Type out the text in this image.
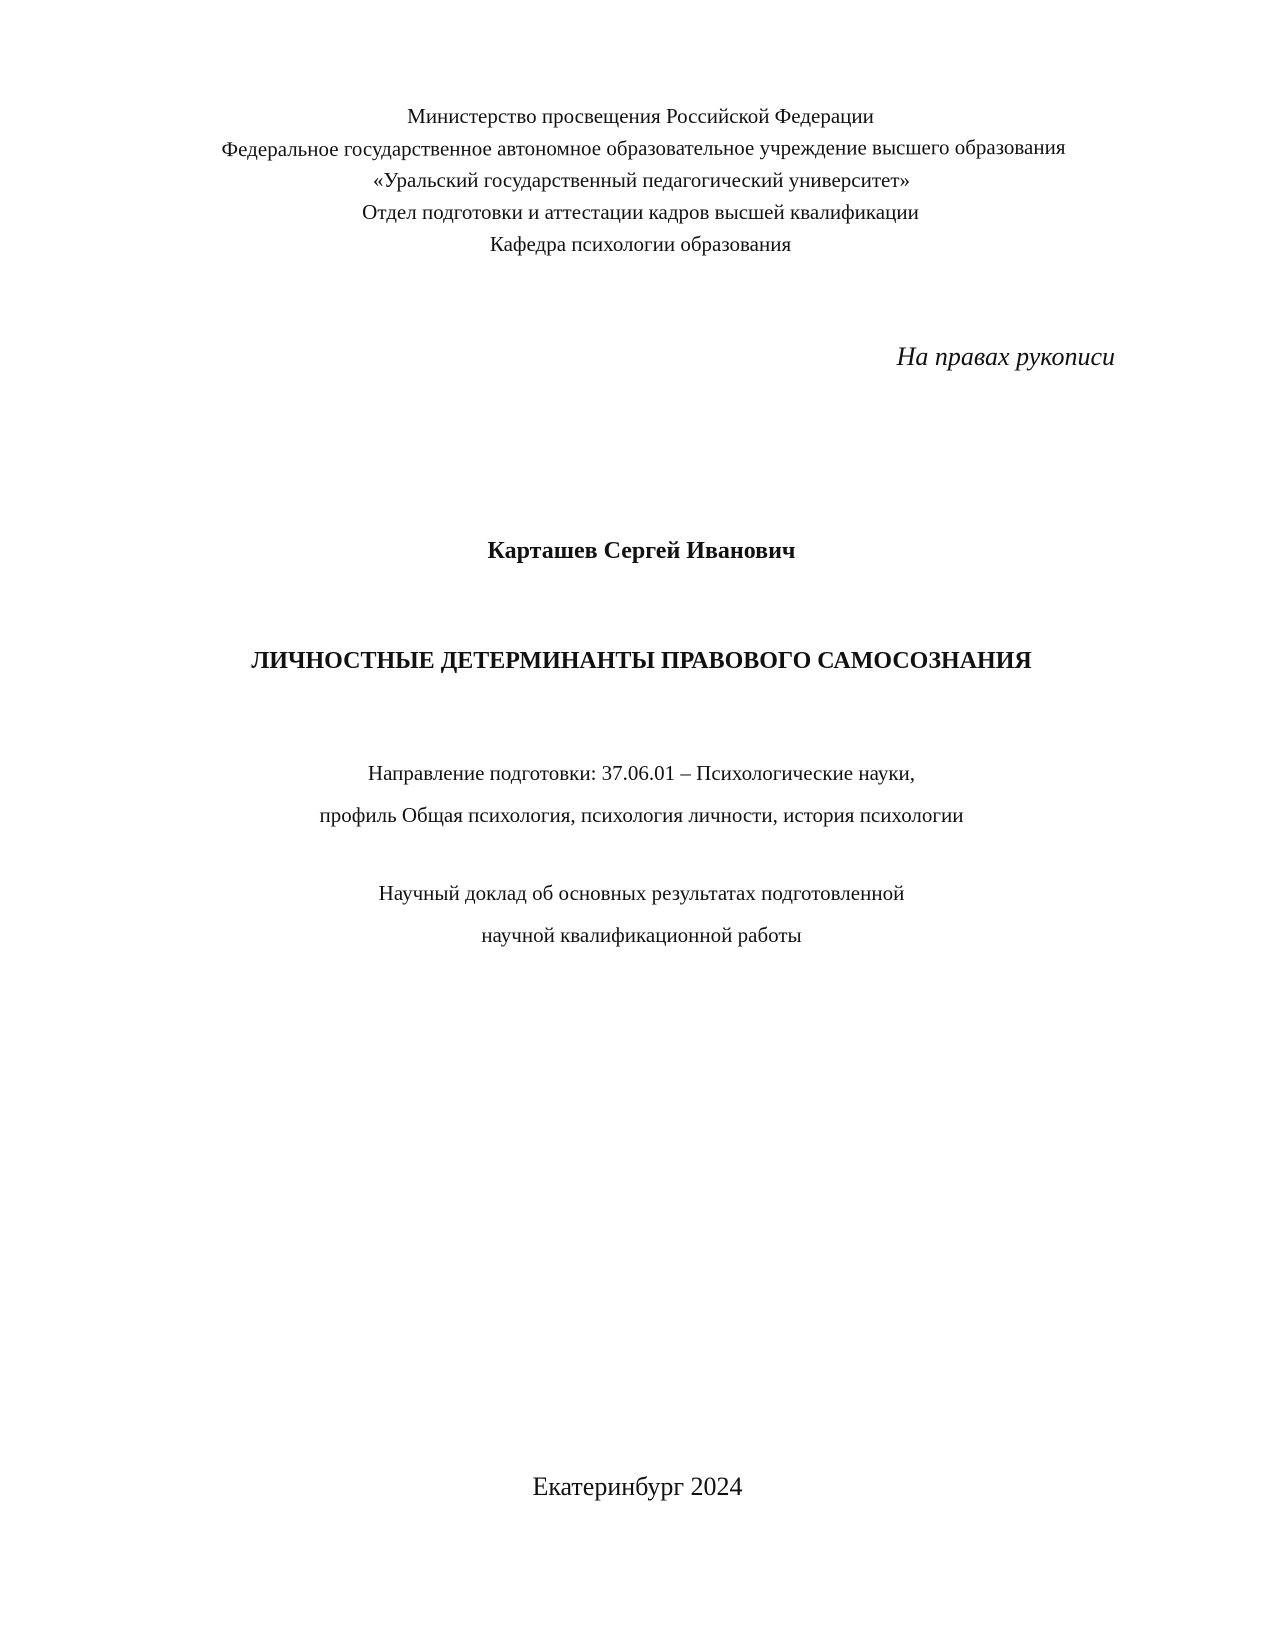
Министерство просвещения Российской Федерации
Федеральное государственное автономное образовательное учреждение высшего образования
«Уральский государственный педагогический университет»
Отдел подготовки и аттестации кадров высшей квалификации
Кафедра психологии образования
На правах рукописи
Карташев Сергей Иванович
ЛИЧНОСТНЫЕ ДЕТЕРМИНАНТЫ ПРАВОВОГО САМОСОЗНАНИЯ
Направление подготовки: 37.06.01 – Психологические науки,
профиль Общая психология, психология личности, история психологии
Научный доклад об основных результатах подготовленной
научной квалификационной работы
Екатеринбург 2024
